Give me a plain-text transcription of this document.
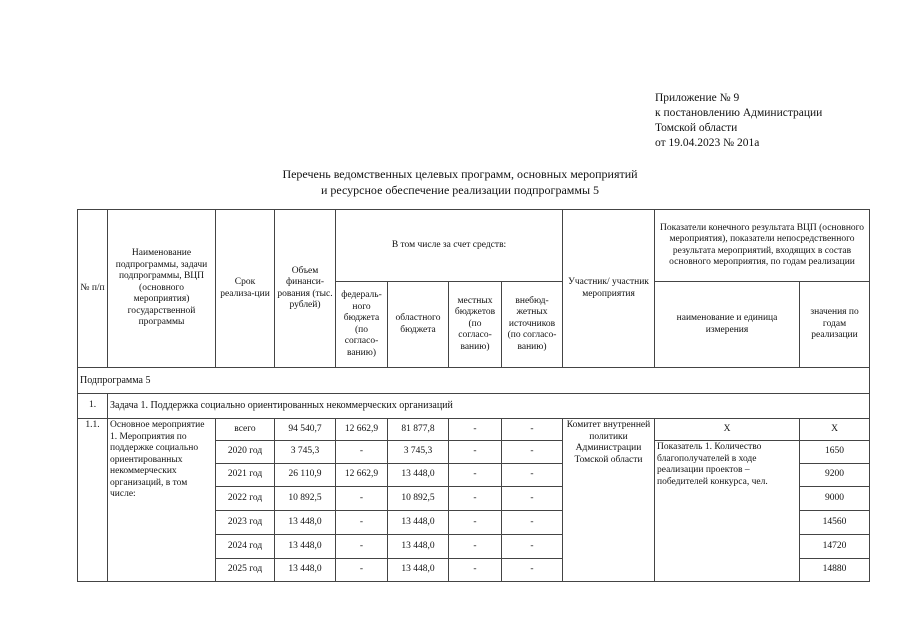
Приложение № 9
к постановлению Администрации
Томской области
от 19.04.2023 № 201а
Перечень ведомственных целевых программ, основных мероприятий
и ресурсное обеспечение реализации подпрограммы 5
№ п/п	Наименование подпрограммы, задачи подпрограммы, ВЦП (основного мероприятия) государственной программы	Срок реализа-ции	Объем финанси-рования (тыс. рублей)	В том числе за счет средств:				Участник/ участник мероприятия	Показатели конечного результата ВЦП (основного мероприятия), показатели непосредственного результата мероприятий, входящих в состав основного мероприятия, по годам реализации	
				федераль-ного бюджета (по согласо-ванию)	областного бюджета	местных бюджетов (по согласо-ванию)	внебюд-жетных источников (по согласо-ванию)		наименование и единица измерения	значения по годам реализации
Подпрограмма 5										
1.	Задача 1. Поддержка социально ориентированных некоммерческих организаций									
1.1.	Основное мероприятие 1. Мероприятия по поддержке социально ориентированных некоммерческих организаций, в том числе:	всего	94 540,7	12 662,9	81 877,8	-	-	Комитет внутренней политики Администрации Томской области	Х	Х
		2020 год	3 745,3	-	3 745,3	-	-		Показатель 1. Количество благополучателей в ходе реализации проектов – победителей конкурса, чел.	1650
		2021 год	26 110,9	12 662,9	13 448,0	-	-			9200
		2022 год	10 892,5	-	10 892,5	-	-			9000
		2023 год	13 448,0	-	13 448,0	-	-			14560
		2024 год	13 448,0	-	13 448,0	-	-			14720
		2025 год	13 448,0	-	13 448,0	-	-			14880
